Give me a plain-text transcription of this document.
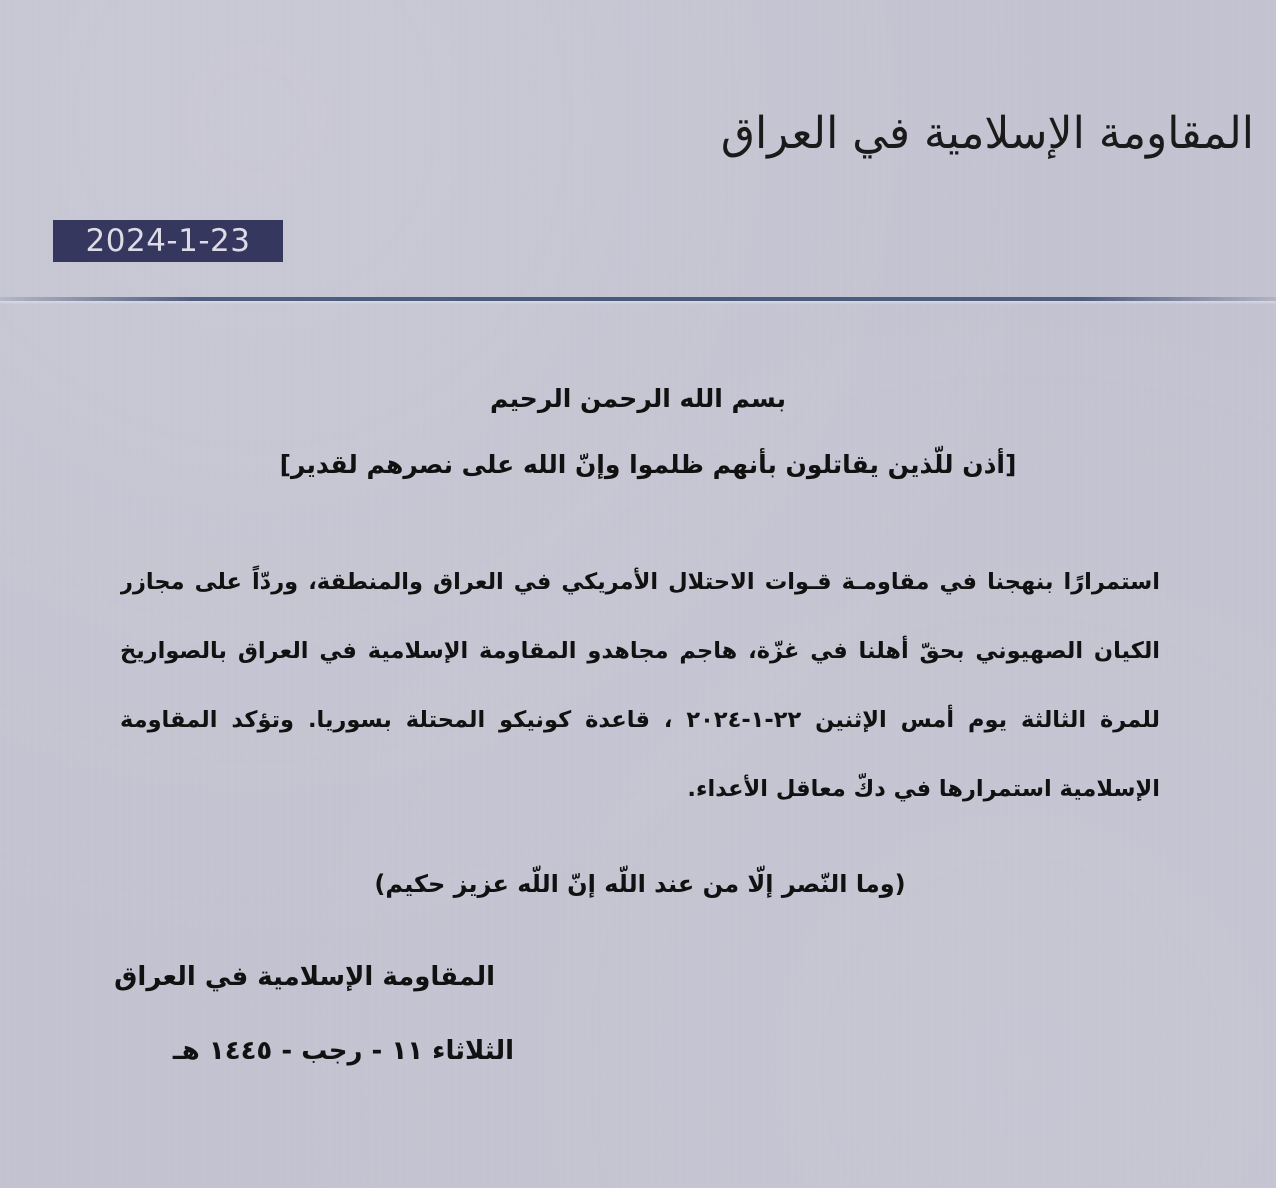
المقاومة الإسلامية في العراق
2024-1-23
بسم الله الرحمن الرحيم
[أذن للّذين يقاتلون بأنهم ظلموا وإنّ الله على نصرهم لقدير]
استمرارًا بنهجنا في مقاومـة قـوات الاحتلال الأمريكي في العراق والمنطقة، وردّاً على مجازر
الكيان الصهيوني بحقّ أهلنا في غزّة، هاجم مجاهدو المقاومة الإسلامية في العراق بالصواريخ
للمرة الثالثة يوم أمس الإثنين ٢٢-١-٢٠٢٤ ، قاعدة كونيكو المحتلة بسوريا. وتؤكد المقاومة
الإسلامية استمرارها في دكّ معاقل الأعداء.
(وما النّصر إلّا من عند اللّه إنّ اللّه عزيز حكيم)
المقاومة الإسلامية في العراق
الثلاثاء ١١ - رجب - ١٤٤٥ هـ
